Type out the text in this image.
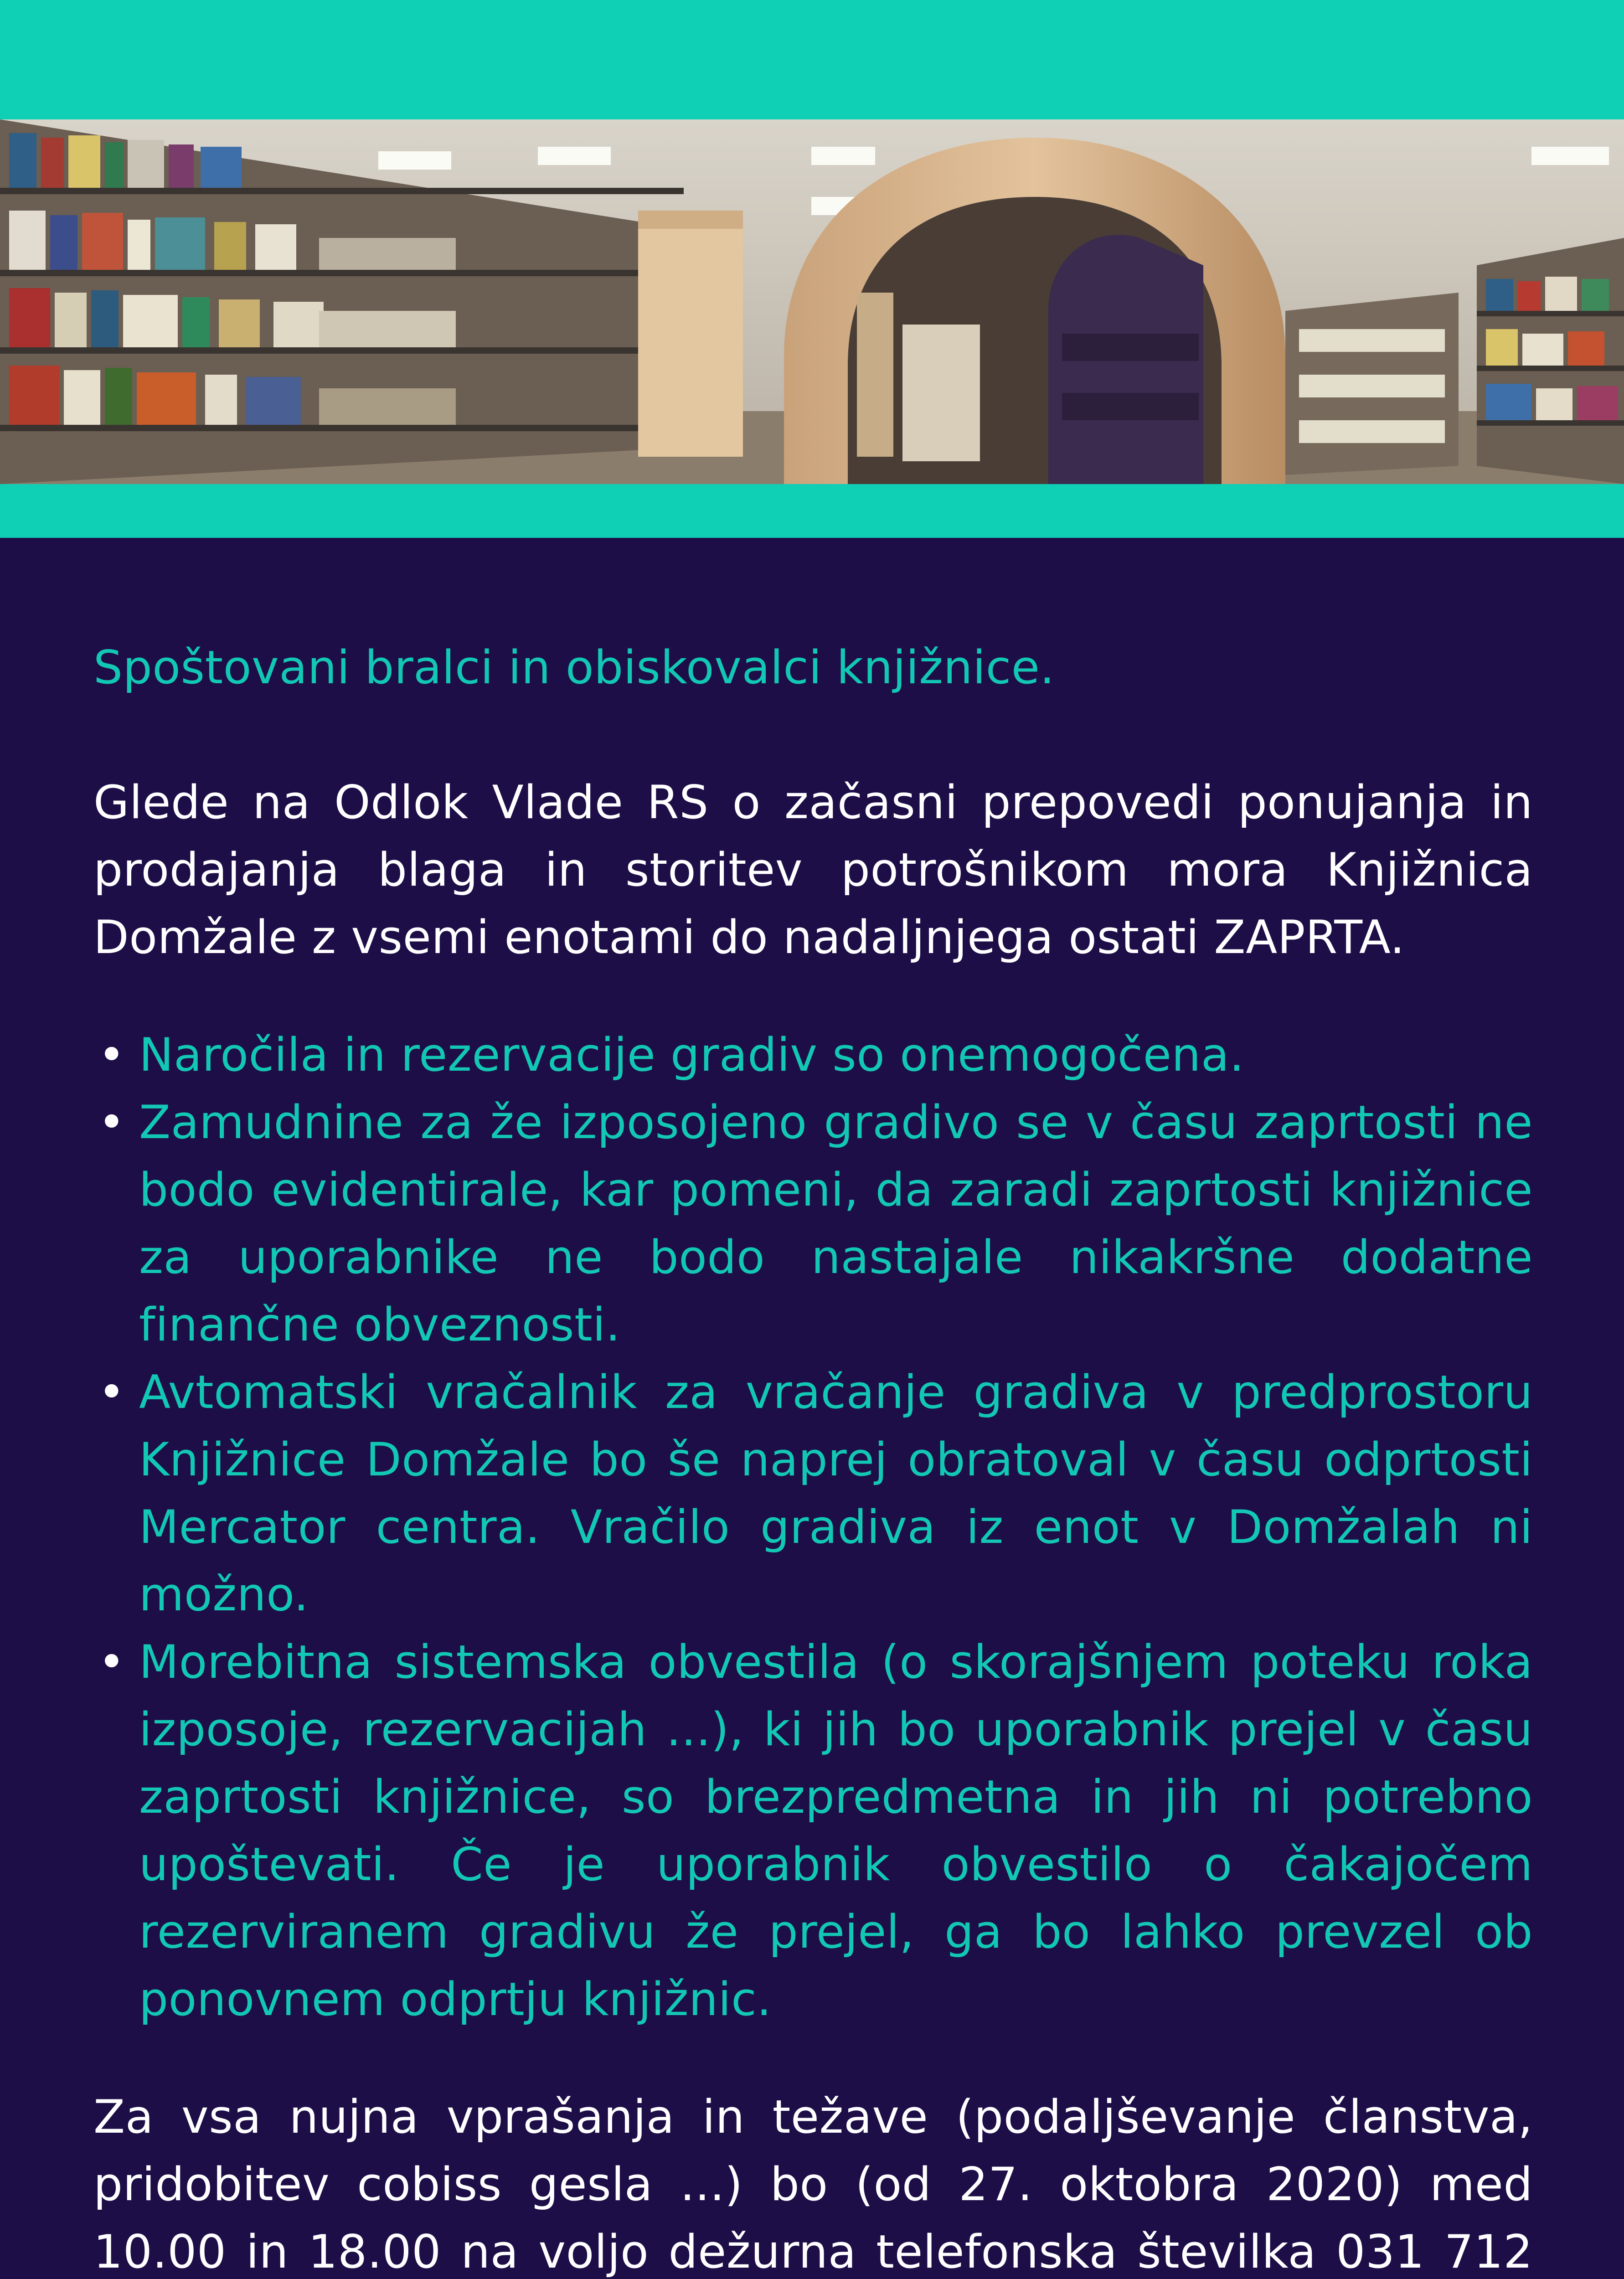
Spoštovani bralci in obiskovalci knjižnice.

Glede na Odlok Vlade RS o začasni prepovedi ponujanja in prodajanja blaga in storitev potrošnikom mora Knjižnica Domžale z vsemi enotami do nadaljnjega ostati ZAPRTA.

• Naročila in rezervacije gradiv so onemogočena.
• Zamudnine za že izposojeno gradivo se v času zaprtosti ne bodo evidentirale, kar pomeni, da zaradi zaprtosti knjižnice za uporabnike ne bodo nastajale nikakršne dodatne finančne obveznosti.
• Avtomatski vračalnik za vračanje gradiva v predprostoru Knjižnice Domžale bo še naprej obratoval v času odprtosti Mercator centra. Vračilo gradiva iz enot v Domžalah ni možno.
• Morebitna sistemska obvestila (o skorajšnjem poteku roka izposoje, rezervacijah ...), ki jih bo uporabnik prejel v času zaprtosti knjižnice, so brezpredmetna in jih ni potrebno upoštevati. Če je uporabnik obvestilo o čakajočem rezerviranem gradivu že prejel, ga bo lahko prevzel ob ponovnem odprtju knjižnic.

Za vsa nujna vprašanja in težave (podaljševanje članstva, pridobitev cobiss gesla ...) bo (od 27. oktobra 2020) med 10.00 in 18.00 na voljo dežurna telefonska številka 031 712
